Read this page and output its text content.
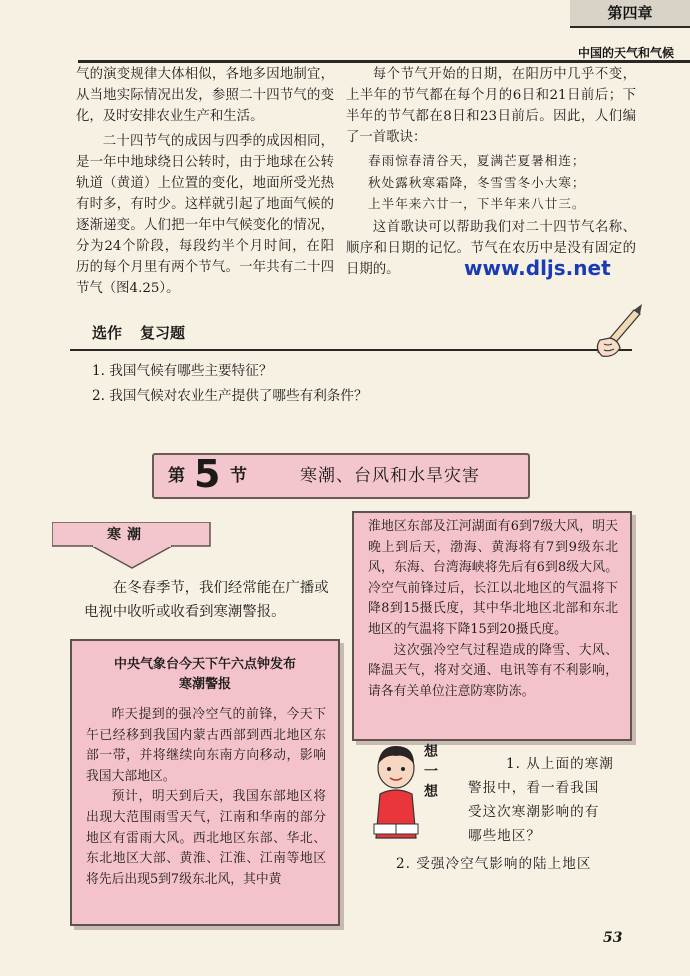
第四章
中国的天气和气候

气的演变规律大体相似，各地多因地制宜，从当地实际情况出发，参照二十四节气的变化，及时安排农业生产和生活。

二十四节气的成因与四季的成因相同，是一年中地球绕日公转时，由于地球在公转轨道（黄道）上位置的变化，地面所受光热有时多，有时少。这样就引起了地面气候的逐渐递变。人们把一年中气候变化的情况，分为24个阶段，每段约半个月时间，在阳历的每个月里有两个节气。一年共有二十四节气（图4.25）。

每个节气开始的日期，在阳历中几乎不变，上半年的节气都在每个月的6日和21日前后；下半年的节气都在8日和23日前后。因此，人们编了一首歌诀：

春雨惊春清谷天，夏满芒夏暑相连；
秋处露秋寒霜降，冬雪雪冬小大寒；
上半年来六廿一，下半年来八廿三。

这首歌诀可以帮助我们对二十四节气名称、顺序和日期的记忆。节气在农历中是没有固定的日期的。	www.dljs.net
选作 复习题
1. 我国气候有哪些主要特征？
2. 我国气候对农业生产提供了哪些有利条件？
第 5 节	寒潮、台风和水旱灾害
寒潮

在冬春季节，我们经常能在广播或电视中收听或收看到寒潮警报。

中央气象台今天下午六点钟发布
寒潮警报

昨天提到的强冷空气的前锋，今天下午已经移到我国内蒙古西部到西北地区东部一带，并将继续向东南方向移动，影响我国大部地区。

预计，明天到后天，我国东部地区将出现大范围雨雪天气，江南和华南的部分地区有雷雨大风。西北地区东部、华北、东北地区大部、黄淮、江淮、江南等地区将先后出现5到7级东北风，其中黄

淮地区东部及江河湖面有6到7级大风，明天晚上到后天，渤海、黄海将有7到9级东北风，东海、台湾海峡将先后有6到8级大风。冷空气前锋过后，长江以北地区的气温将下降8到15摄氏度，其中华北地区北部和东北地区的气温将下降15到20摄氏度。

这次强冷空气过程造成的降雪、大风、降温天气，将对交通、电讯等有不利影响，请各有关单位注意防寒防冻。

想一想
1. 从上面的寒潮
警报中，看一看我国
受这次寒潮影响的有
哪些地区？
2. 受强冷空气影响的陆上地区
53
